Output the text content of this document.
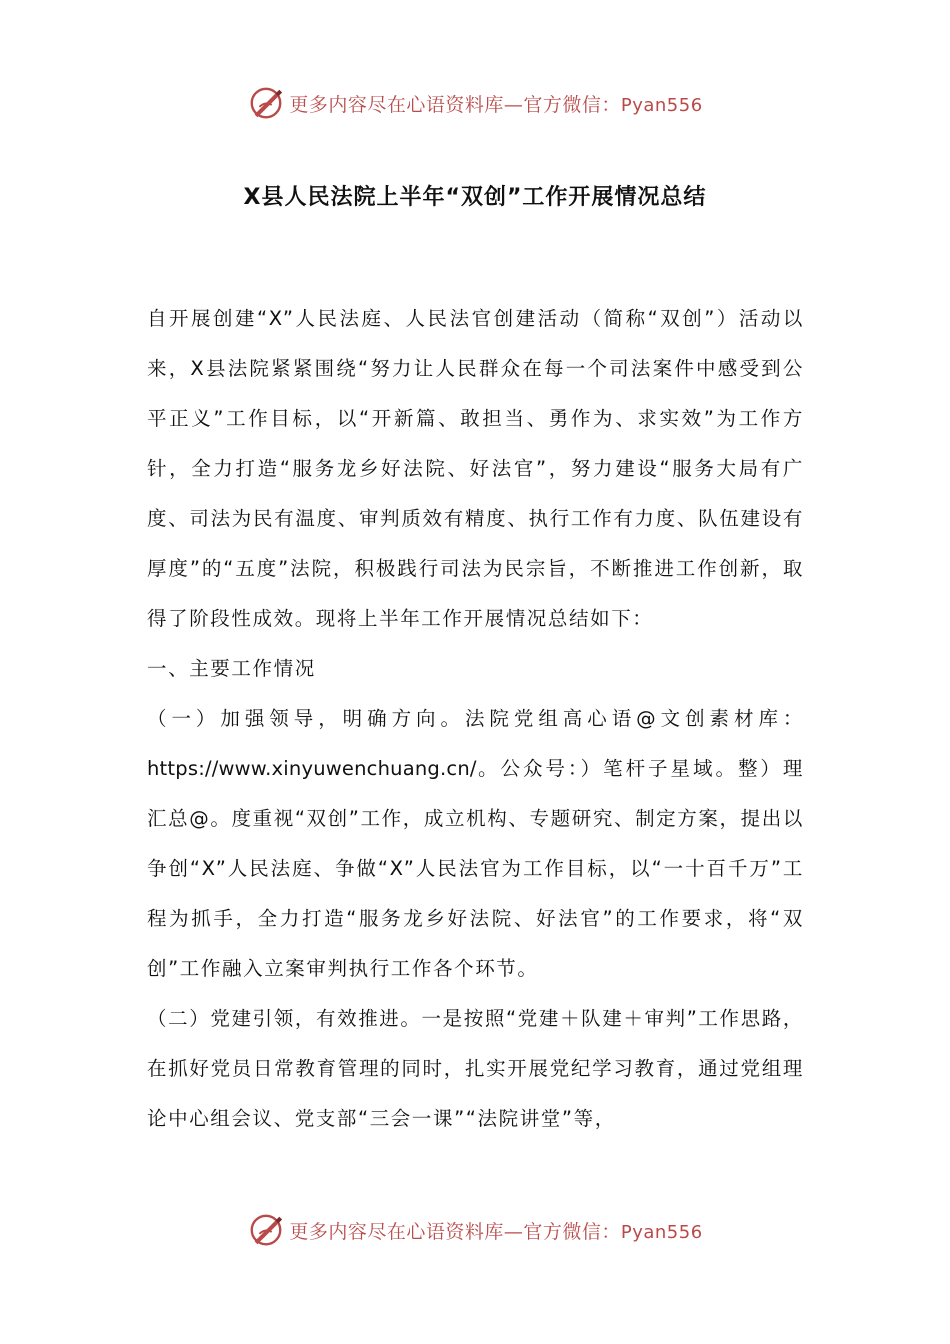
更多内容尽在心语资料库—官方微信：Pyan556
X县人民法院上半年“双创”工作开展情况总结

自开展创建“X”人民法庭、人民法官创建活动（简称“双创”）活动以来，X县法院紧紧围绕“努力让人民群众在每一个司法案件中感受到公平正义”工作目标，以“开新篇、敢担当、勇作为、求实效”为工作方针，全力打造“服务龙乡好法院、好法官”，努力建设“服务大局有广度、司法为民有温度、审判质效有精度、执行工作有力度、队伍建设有厚度”的“五度”法院，积极践行司法为民宗旨，不断推进工作创新，取得了阶段性成效。现将上半年工作开展情况总结如下：

一、主要工作情况

（一）加强领导，明确方向。法院党组高心语@文创素材库：https://www.xinyuwenchuang.cn/。公众号：）笔杆子星域。整）理汇总@。度重视“双创”工作，成立机构、专题研究、制定方案，提出以争创“X”人民法庭、争做“X”人民法官为工作目标，以“一十百千万”工程为抓手，全力打造“服务龙乡好法院、好法官”的工作要求，将“双创”工作融入立案审判执行工作各个环节。

（二）党建引领，有效推进。一是按照“党建＋队建＋审判”工作思路，在抓好党员日常教育管理的同时，扎实开展党纪学习教育，通过党组理论中心组会议、党支部“三会一课”“法院讲堂”等，

更多内容尽在心语资料库—官方微信：Pyan556
